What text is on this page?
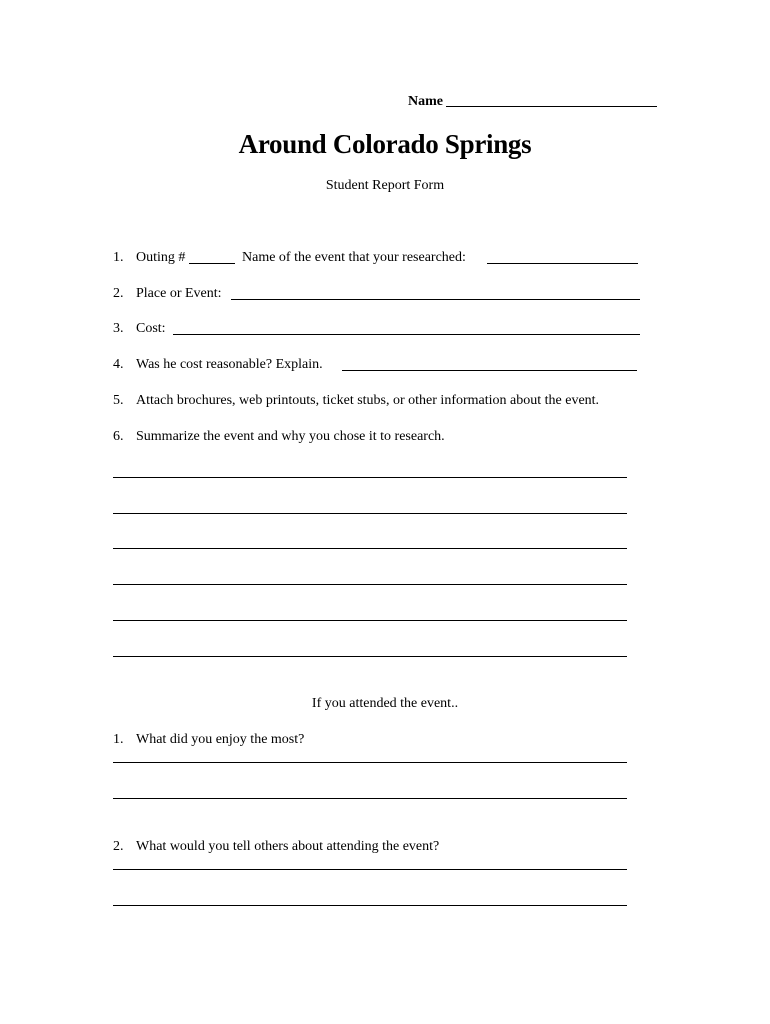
Name
Around Colorado Springs
Student Report Form
1. Outing #	Name of the event that your researched:
2. Place or Event:
3. Cost:
4. Was he cost reasonable? Explain.
5. Attach brochures, web printouts, ticket stubs, or other information about the event.
6. Summarize the event and why you chose it to research.
If you attended the event..
1. What did you enjoy the most?
2. What would you tell others about attending the event?
